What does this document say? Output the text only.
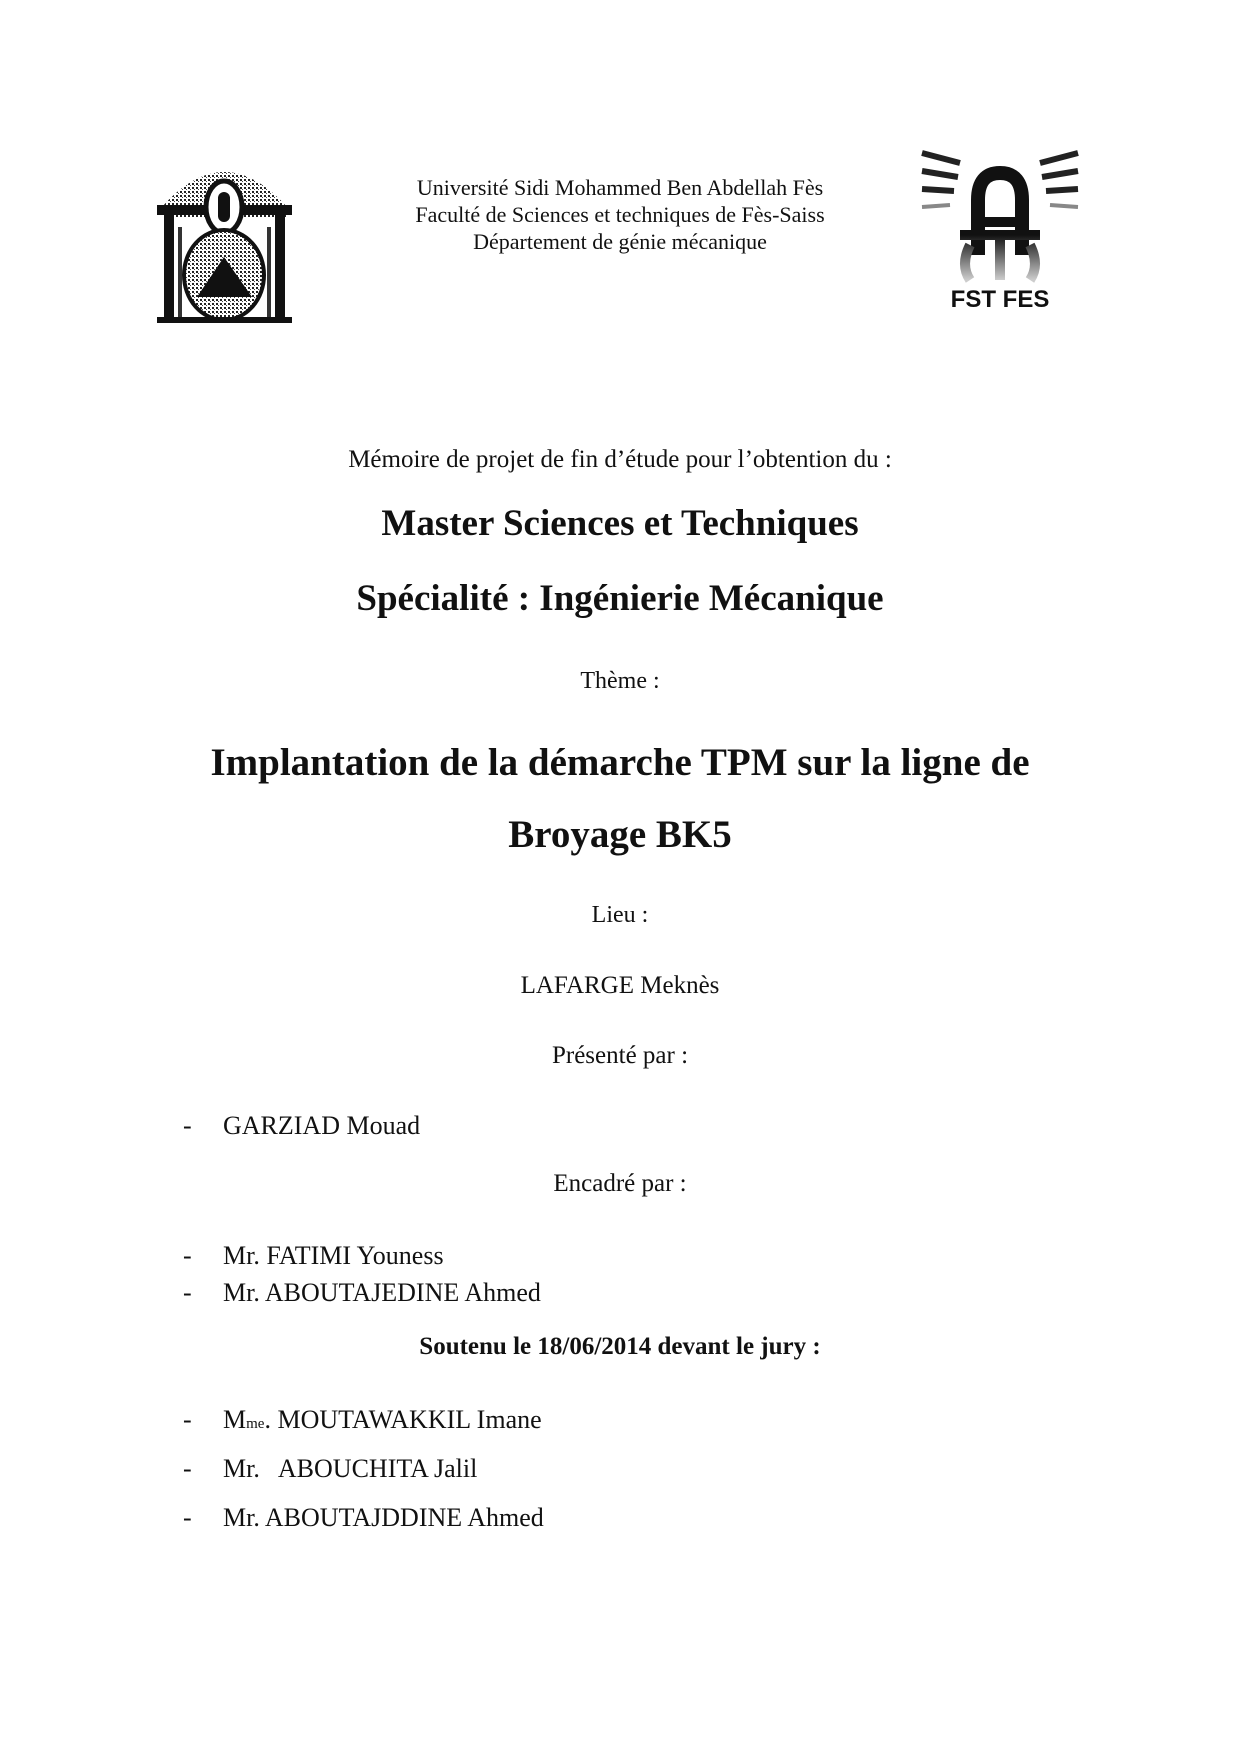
Université Sidi Mohammed Ben Abdellah Fès
Faculté de Sciences et techniques de Fès-Saiss
Département de génie mécanique
FST FES
Mémoire de projet de fin d’étude pour l’obtention du :
Master Sciences et Techniques
Spécialité : Ingénierie Mécanique
Thème :
Implantation de la démarche TPM sur la ligne de
Broyage BK5
Lieu :
LAFARGE Meknès
Présenté par :
-	GARZIAD Mouad
Encadré par :
-	Mr. FATIMI Youness
-	Mr. ABOUTAJEDINE Ahmed
Soutenu le 18/06/2014 devant le jury :
-	M me . MOUTAWAKKIL Imane
-	Mr.   ABOUCHITA Jalil
-	Mr. ABOUTAJDDINE Ahmed
